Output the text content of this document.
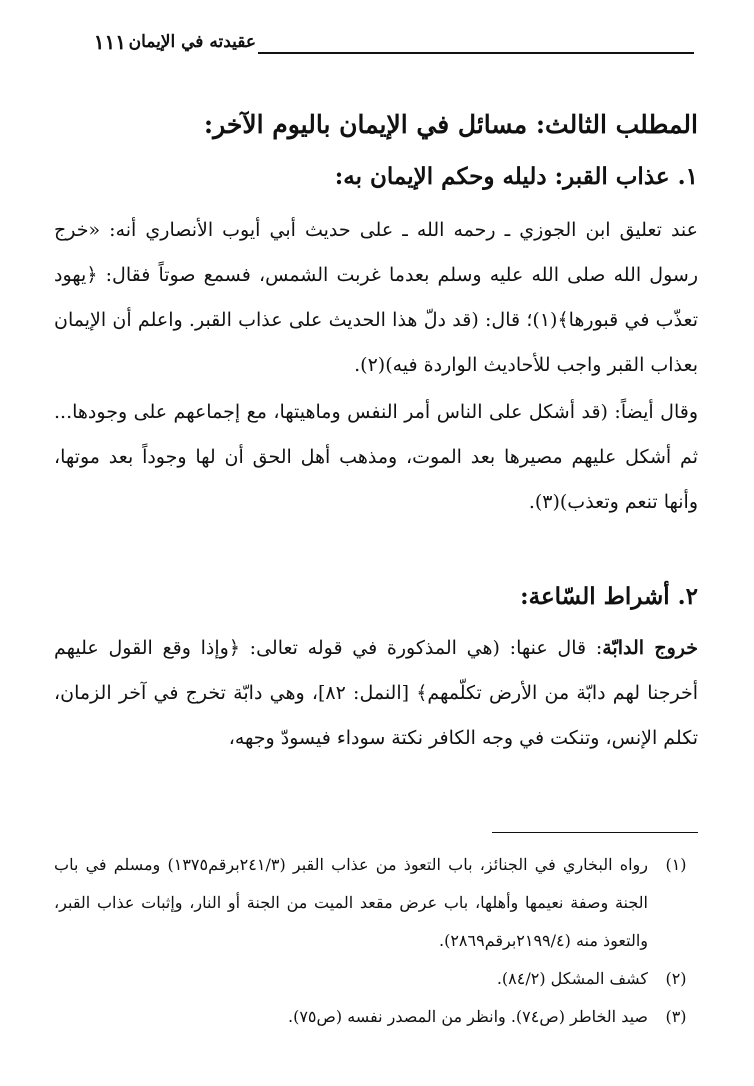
عقيدته في الإيمان
١١١
المطلب الثالث: مسائل في الإيمان باليوم الآخر:
١. عذاب القبر: دليله وحكم الإيمان به:
عند تعليق ابن الجوزي ـ رحمه الله ـ على حديث أبي أيوب الأنصاري أنه: «خرج رسول الله صلى الله عليه وسلم بعدما غربت الشمس، فسمع صوتاً فقال: ﴿يهود تعذّب في قبورها﴾(١)؛ قال: (قد دلّ هذا الحديث على عذاب القبر. واعلم أن الإيمان بعذاب القبر واجب للأحاديث الواردة فيه)(٢).
وقال أيضاً: (قد أشكل على الناس أمر النفس وماهيتها، مع إجماعهم على وجودها... ثم أشكل عليهم مصيرها بعد الموت، ومذهب أهل الحق أن لها وجوداً بعد موتها، وأنها تنعم وتعذب)(٣).
٢. أشراط السّاعة:
خروج الدابّة: قال عنها: (هي المذكورة في قوله تعالى: ﴿وإذا وقع القول عليهم أخرجنا لهم دابّة من الأرض تكلّمهم﴾ [النمل: ٨٢]، وهي دابّة تخرج في آخر الزمان، تكلم الإنس، وتنكت في وجه الكافر نكتة سوداء فيسودّ وجهه،
(١)
رواه البخاري في الجنائز، باب التعوذ من عذاب القبر (٢٤١/٣برقم١٣٧٥) ومسلم في باب الجنة وصفة نعيمها وأهلها، باب عرض مقعد الميت من الجنة أو النار، وإثبات عذاب القبر، والتعوذ منه (٢١٩٩/٤برقم٢٨٦٩).
(٢)
كشف المشكل (٨٤/٢).
(٣)
صيد الخاطر (ص٧٤). وانظر من المصدر نفسه (ص٧٥).
